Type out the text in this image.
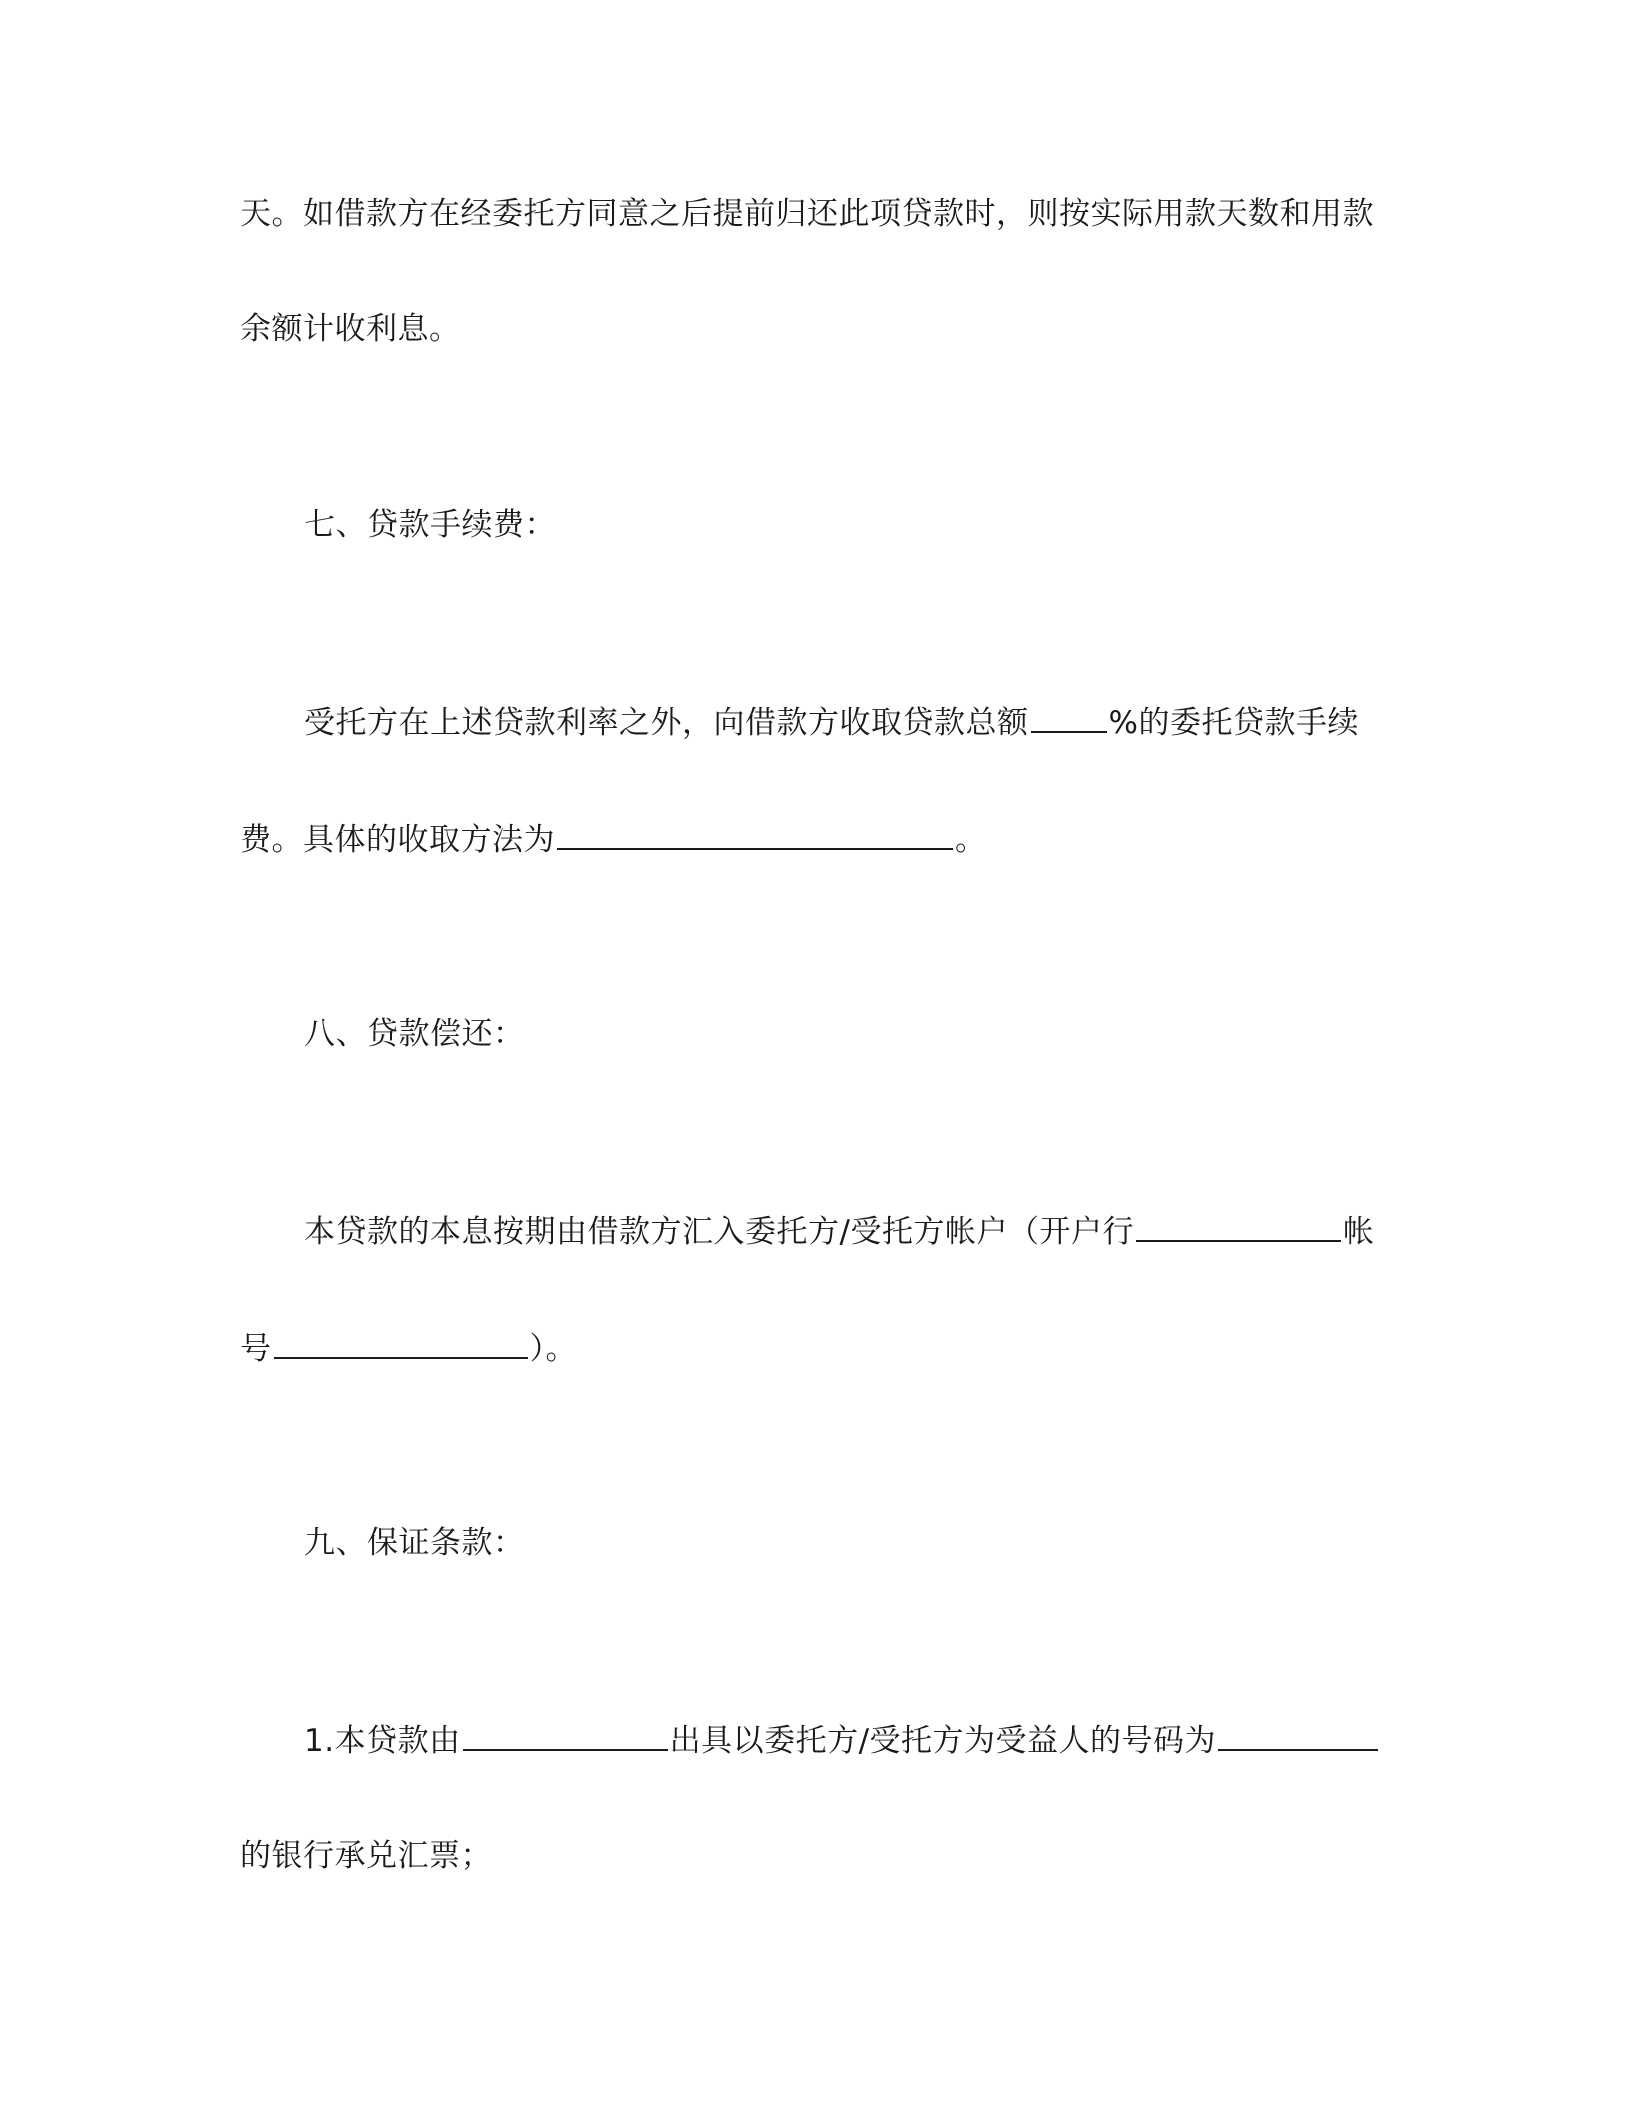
天。如借款方在经委托方同意之后提前归还此项贷款时，则按实际用款天数和用款
余额计收利息。
七、贷款手续费：
受托方在上述贷款利率之外，向借款方收取贷款总额	%的委托贷款手续
费。具体的收取方法为	。
八、贷款偿还：
本贷款的本息按期由借款方汇入委托方/受托方帐户（开户行	帐
号	）。
九、保证条款：
1.本贷款由	出具以委托方/受托方为受益人的号码为
的银行承兑汇票；
